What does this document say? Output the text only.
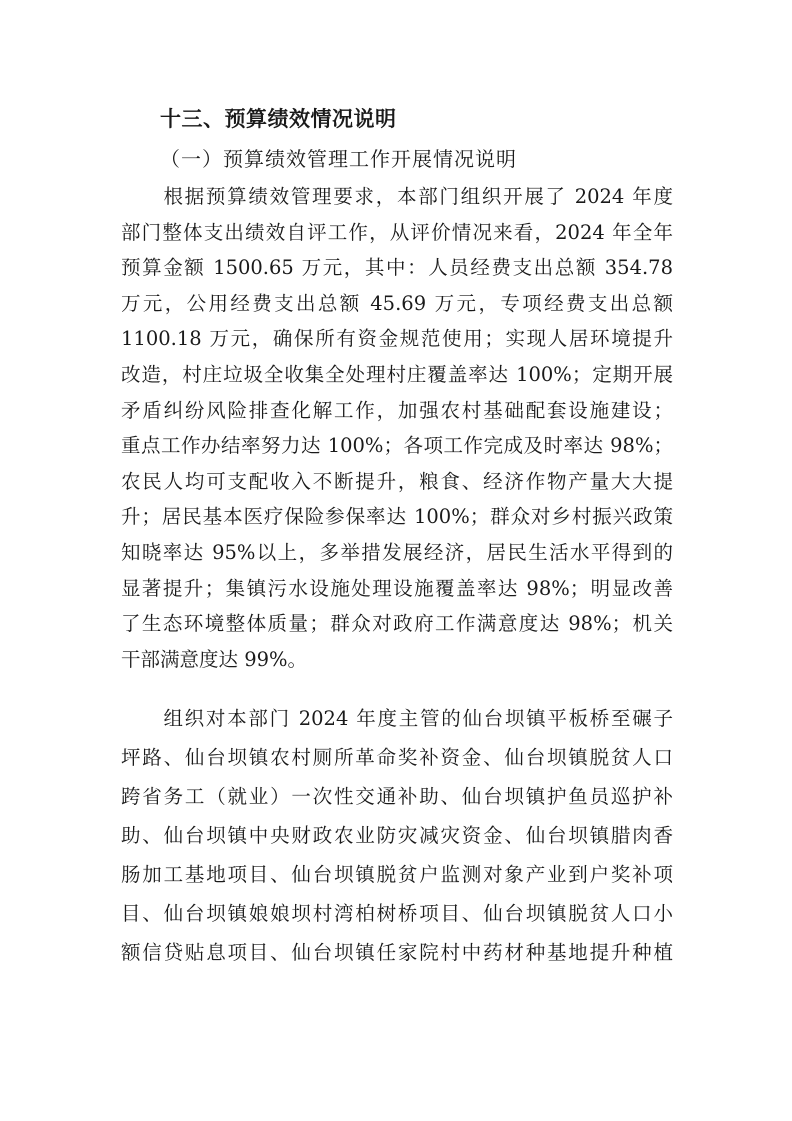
十三、预算绩效情况说明
（一）预算绩效管理工作开展情况说明
　　根据预算绩效管理要求，本部门组织开展了 2024 年度
部门整体支出绩效自评工作，从评价情况来看，2024 年全年
预算金额 1500.65 万元，其中：人员经费支出总额 354.78
万元，公用经费支出总额 45.69 万元，专项经费支出总额
1100.18 万元，确保所有资金规范使用；实现人居环境提升
改造，村庄垃圾全收集全处理村庄覆盖率达 100%；定期开展
矛盾纠纷风险排查化解工作，加强农村基础配套设施建设；
重点工作办结率努力达 100%；各项工作完成及时率达 98%；
农民人均可支配收入不断提升，粮食、经济作物产量大大提
升；居民基本医疗保险参保率达 100%；群众对乡村振兴政策
知晓率达 95%以上，多举措发展经济，居民生活水平得到的
显著提升；集镇污水设施处理设施覆盖率达 98%；明显改善
了生态环境整体质量；群众对政府工作满意度达 98%；机关
干部满意度达 99%。
　　组织对本部门 2024 年度主管的仙台坝镇平板桥至碾子
坪路、仙台坝镇农村厕所革命奖补资金、仙台坝镇脱贫人口
跨省务工（就业）一次性交通补助、仙台坝镇护鱼员巡护补
助、仙台坝镇中央财政农业防灾减灾资金、仙台坝镇腊肉香
肠加工基地项目、仙台坝镇脱贫户监测对象产业到户奖补项
目、仙台坝镇娘娘坝村湾柏树桥项目、仙台坝镇脱贫人口小
额信贷贴息项目、仙台坝镇任家院村中药材种基地提升种植
